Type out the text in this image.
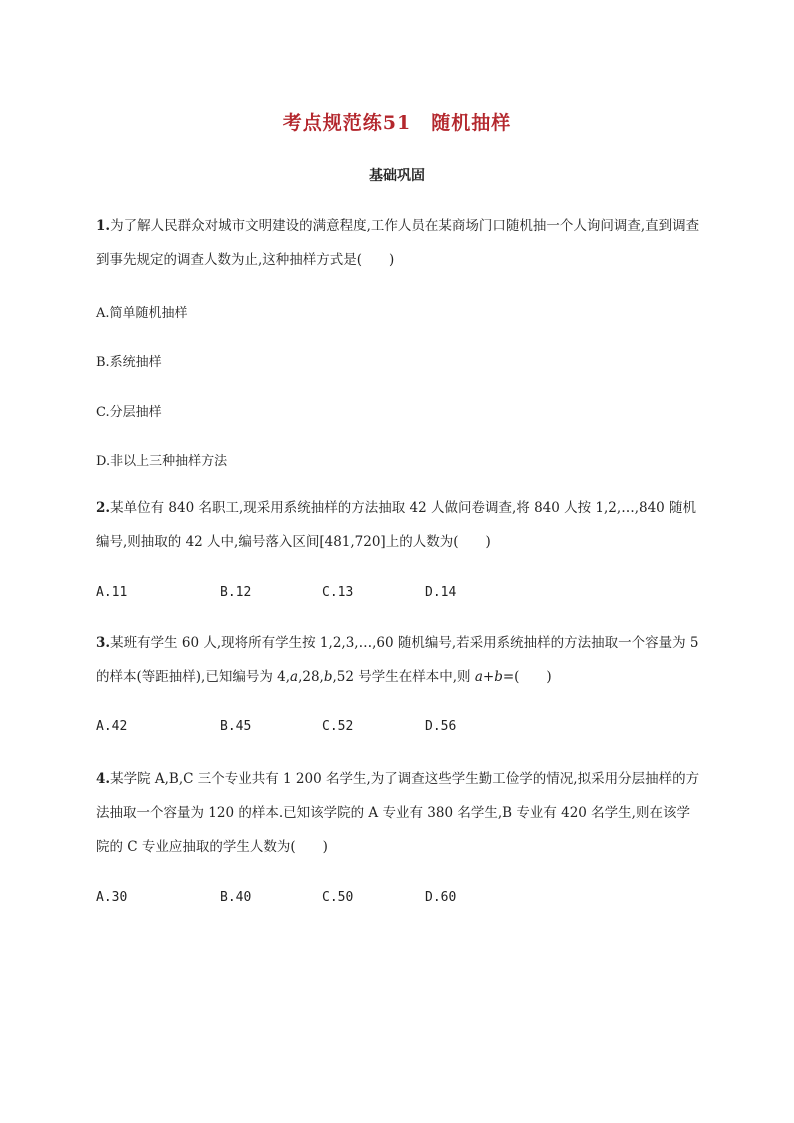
考点规范练51　随机抽样
基础巩固
1.为了解人民群众对城市文明建设的满意程度,工作人员在某商场门口随机抽一个人询问调查,直到调查到事先规定的调查人数为止,这种抽样方式是(　　)
A.简单随机抽样
B.系统抽样
C.分层抽样
D.非以上三种抽样方法
2.某单位有 840 名职工,现采用系统抽样的方法抽取 42 人做问卷调查,将 840 人按 1,2,…,840 随机编号,则抽取的 42 人中,编号落入区间[481,720]上的人数为(　　)
A.11	B.12	C.13	D.14
3.某班有学生 60 人,现将所有学生按 1,2,3,…,60 随机编号,若采用系统抽样的方法抽取一个容量为 5 的样本(等距抽样),已知编号为 4,a,28,b,52 号学生在样本中,则 a+b=(　　)
A.42	B.45	C.52	D.56
4.某学院 A,B,C 三个专业共有 1 200 名学生,为了调查这些学生勤工俭学的情况,拟采用分层抽样的方法抽取一个容量为 120 的样本.已知该学院的 A 专业有 380 名学生,B 专业有 420 名学生,则在该学院的 C 专业应抽取的学生人数为(　　)
A.30	B.40	C.50	D.60
